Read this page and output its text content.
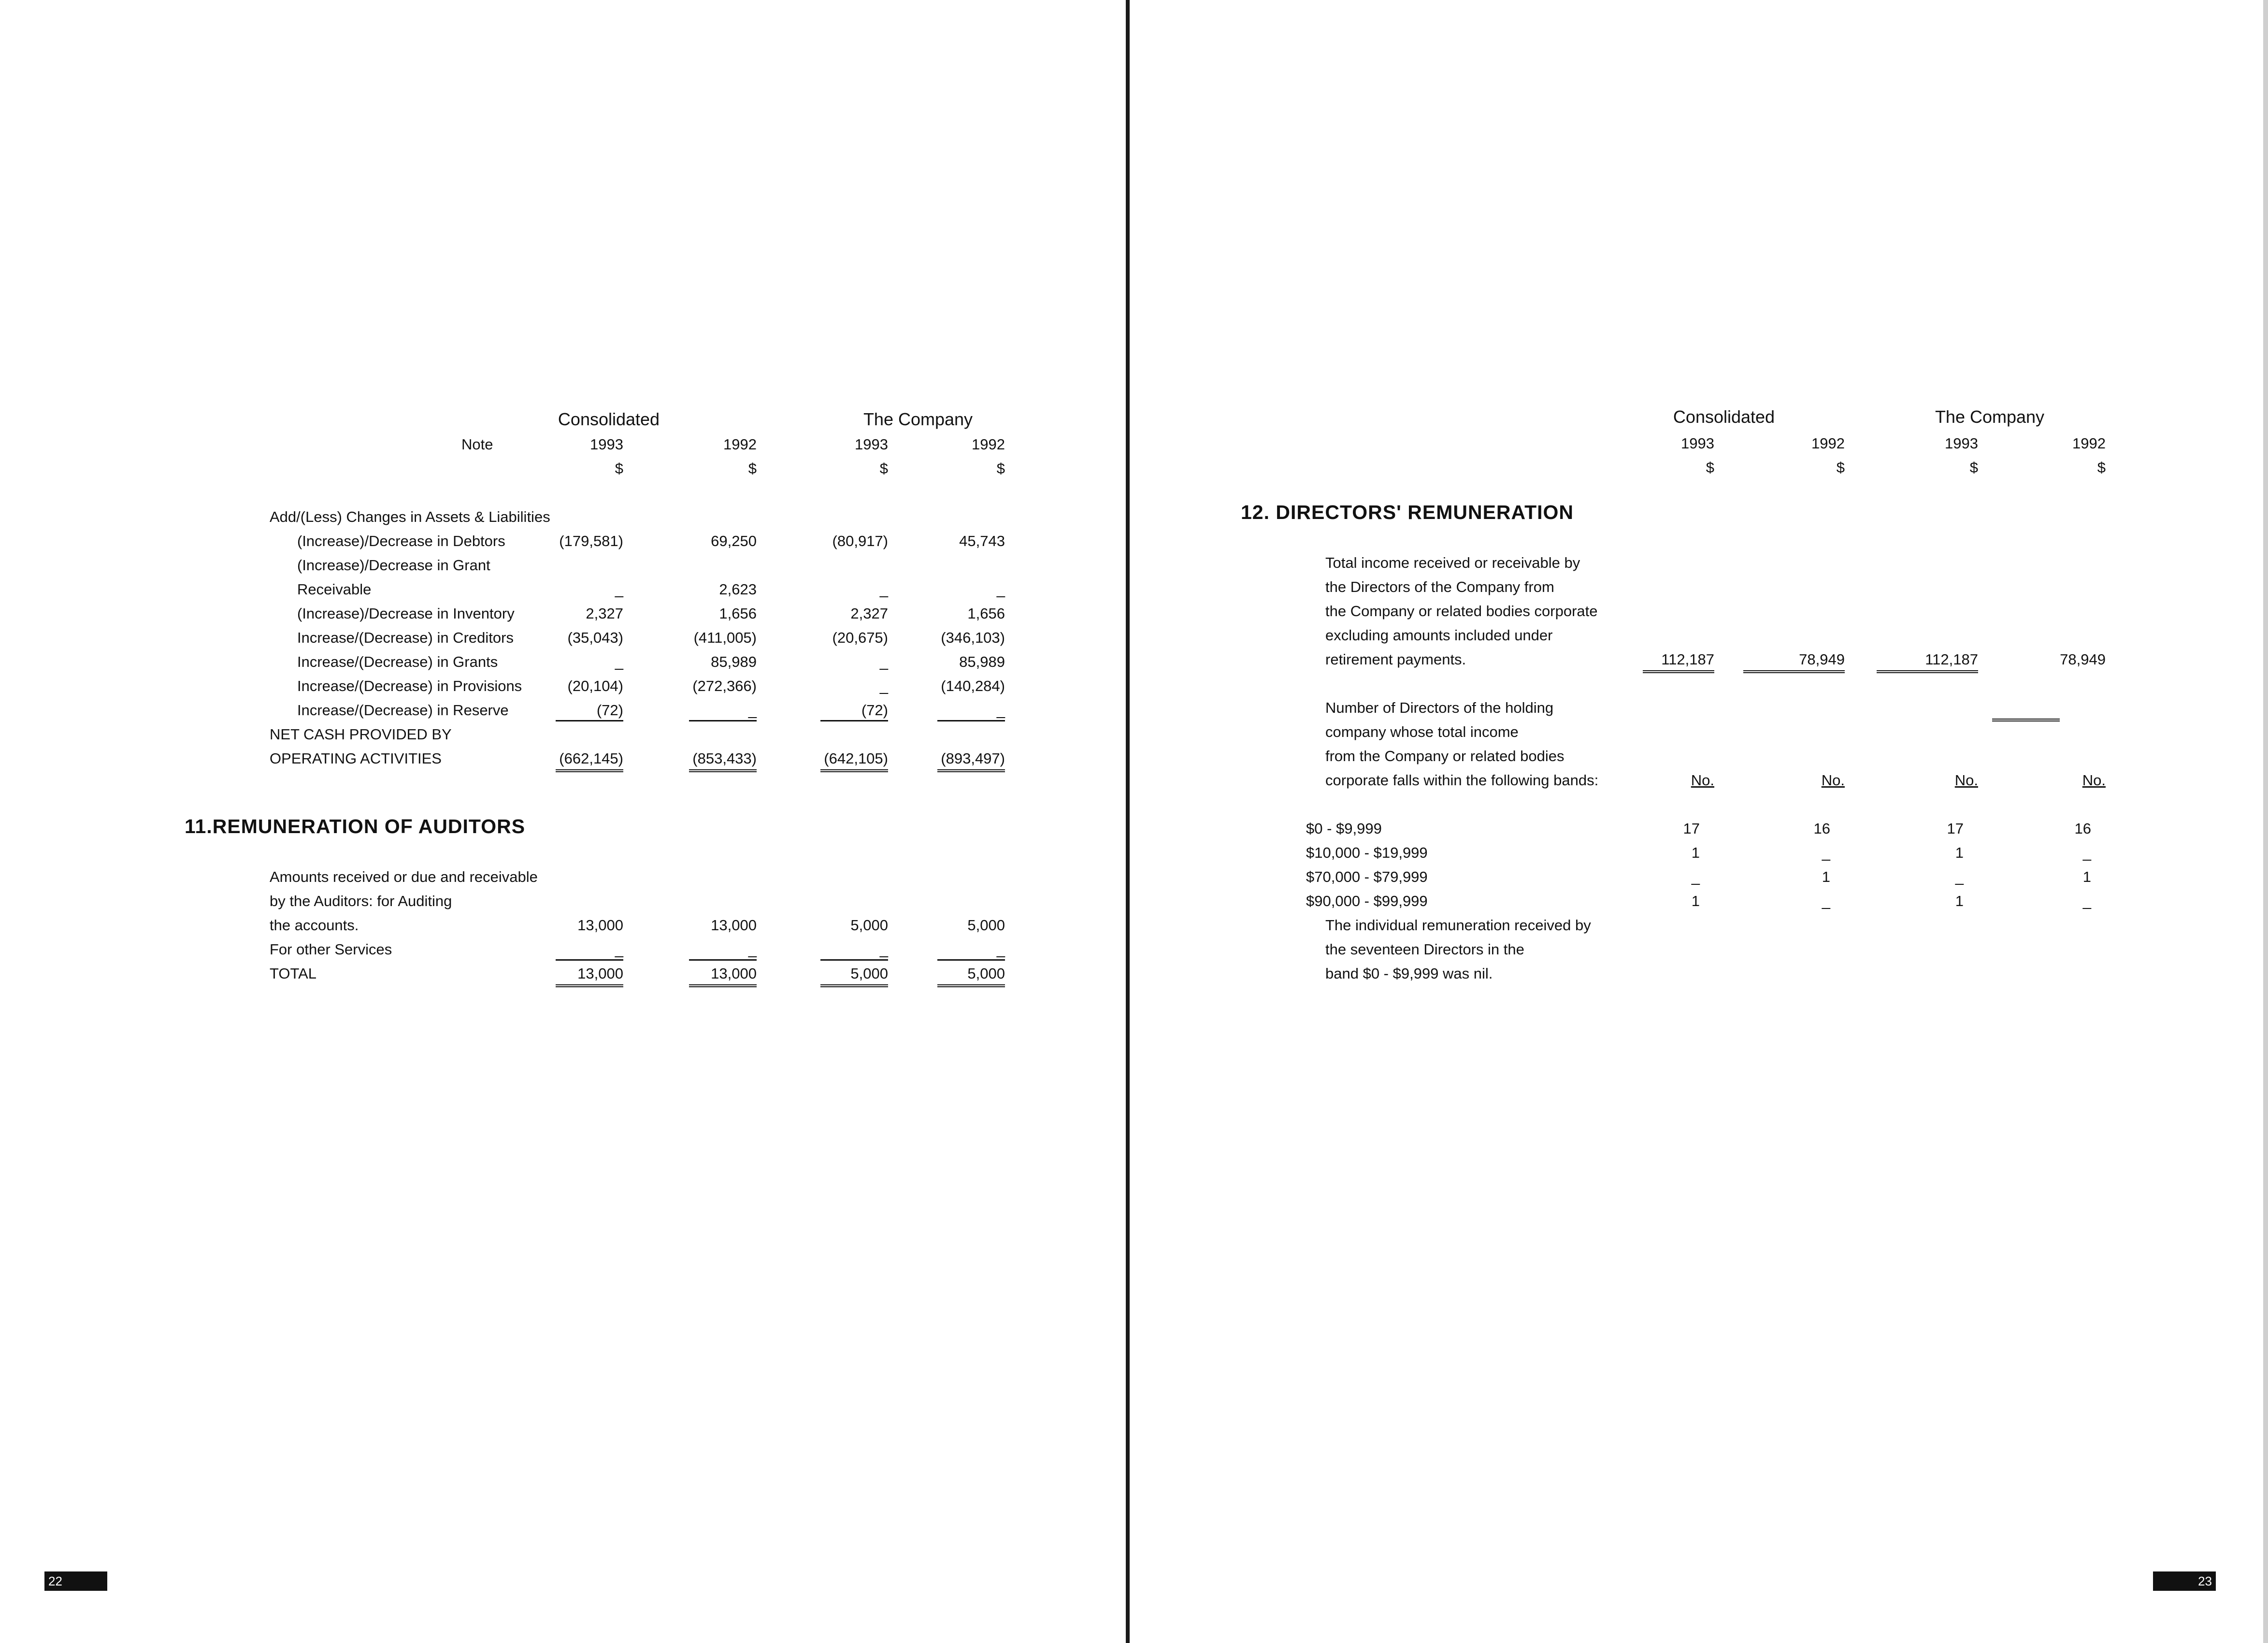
Consolidated	The Company
Note	1993	1992	1993	1992
$	$	$	$
Add/(Less) Changes in Assets & Liabilities
(Increase)/Decrease in Debtors	(179,581)	69,250	(80,917)	45,743
(Increase)/Decrease in Grant
Receivable	_	2,623	_	_
(Increase)/Decrease in Inventory	2,327	1,656	2,327	1,656
Increase/(Decrease) in Creditors	(35,043)	(411,005)	(20,675)	(346,103)
Increase/(Decrease) in Grants	_	85,989	_	85,989
Increase/(Decrease) in Provisions	(20,104)	(272,366)	_	(140,284)
Increase/(Decrease) in Reserve	(72)	_	(72)	_
NET CASH PROVIDED BY
OPERATING ACTIVITIES	(662,145)	(853,433)	(642,105)	(893,497)
11.REMUNERATION OF AUDITORS
Amounts received or due and receivable
by the Auditors: for Auditing
the accounts.	13,000	13,000	5,000	5,000
For other Services	_	_	_	_
TOTAL	13,000	13,000	5,000	5,000
22
Consolidated	The Company
1993	1992	1993	1992
$	$	$	$
12. DIRECTORS' REMUNERATION
Total income received or receivable by
the Directors of the Company from
the Company or related bodies corporate
excluding amounts included under
retirement payments.	112,187	78,949	112,187	78,949
Number of Directors of the holding
company whose total income
from the Company or related bodies
corporate falls within the following bands:	No.	No.	No.	No.
$0 - $9,999	17	16	17	16
$10,000 - $19,999	1	_	1	_
$70,000 - $79,999	_	1	_	1
$90,000 - $99,999	1	_	1	_
The individual remuneration received by
the seventeen Directors in the
band $0 - $9,999 was nil.
23
